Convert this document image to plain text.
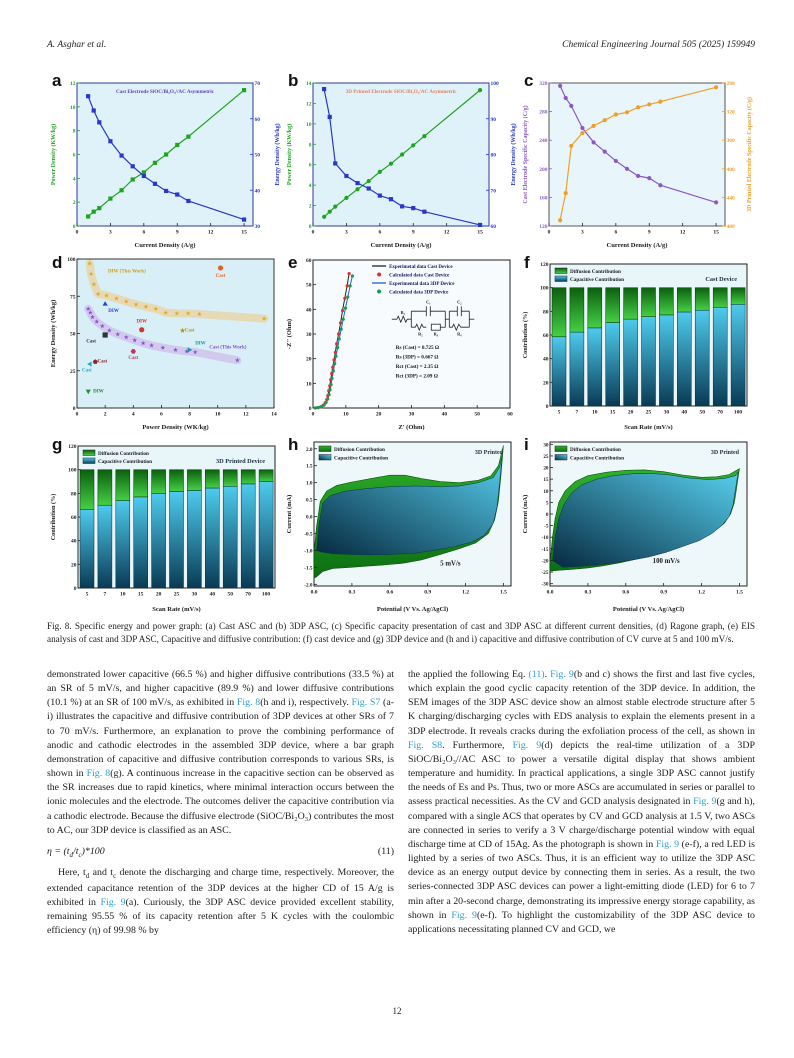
A. Asghar et al.	Chemical Engineering Journal 505 (2025) 159949
a
0	3	6	9	12	15
0
2
4
6
8
10
12
30
40
50
60
70
Power Density (KW/kg)	Energy Density (Wh/kg)
Current Density (A/g)
Cast Electrode SiOC/Bi₂O₃//AC Asymmetric
b
0	3	6	9	12	15
0
2
4
6
8
10
12
14
60
70
80
90
100
Power Density (KW/kg)	Energy Density (Wh/kg)
Current Density (A/g)
3D Printed Electrode SiOC/Bi₂O₃/AC Asymmetric
c
0	3	6	9	12	15
120
160
200
240
280
320	280
320
360
400
440
480
Cast Electrode Specific Capacity (C/g)	3D Printed Electrode Specific Capacity (C/g)
Current Density (A/g)
d
0	2	4	6	8	10	12	14
0
25
50
75
100
Energy Density (Wh/kg)
Power Density (WK/kg)
DIW (This Work)
Cast
DIW
DIW
Cast
Cast
Cast
Cast
Cast
DIW
Cast (This Work)
DIW
e
0
0
10
10
20
20
30
30
40
40
50
50
60
60
-Z'' (Ohm)
Z' (Ohm)
Experimetal data Cast Device
Calculated data Cast Device
Experimental data 3DP Device
Calculated data 3DP Device
Rs (Cast) = 0.725 Ω
Rs (3DP) = 0.667 Ω
Rct (Cast) = 2.35 Ω
Rct (3DP) = 2.09 Ω
R₁
C₁
R₂	R₃
C₂
R₄
f
0
20
40
60
80
100
120
Contribution (%)
Scan Rate (mV/s)
5	7	10 15 20 25 30 40 50 70 100
Diffusion Contribution
Capacitive Contribution	Cast Device
g
0
20
40
60
80
100
120
Contribution (%)
Scan Rate (mV/s)
5	7	10 15 20 25 30 40 50 70 100
Diffusion Contribution
Capacitive Contribution	3D Printed Device
h
0.0	0.3	0.6	0.9	1.2	1.5
-2.0
-1.5
-1.0
-0.5
0.0
0.5
1.0
1.5
2.0
Current (mA)
Potential (V Vs. Ag/AgCl)
Diffusion Contribution
Capacitive Contribution
3D Printed
5 mV/s
i
0.0	0.3	0.6	0.9	1.2	1.5
-30
-25
-20
-15
-10
-5
0
5
10
15
20
25
30
Current (mA)
Potential (V Vs. Ag/AgCl)
Diffusion Contribution
Capacitive Contribution
3D Printed
100 mV/s

Fig. 8. Specific energy and power graph: (a) Cast ASC and (b) 3DP ASC, (c) Specific capacity presentation of cast and 3DP ASC at different current densities, (d) Ragone graph, (e) EIS analysis of cast and 3DP ASC, Capacitive and diffusive contribution: (f) cast device and (g) 3DP device and (h and i) capacitive and diffusive contribution of CV curve at 5 and 100 mV/s.

demonstrated lower capacitive (66.5 %) and higher diffusive contributions (33.5 %) at an SR of 5 mV/s, and higher capacitive (89.9 %) and lower diffusive contributions (10.1 %) at an SR of 100 mV/s, as exhibited in Fig. 8(h and i), respectively. Fig. S7 (a-i) illustrates the capacitive and diffusive contribution of 3DP devices at other SRs of 7 to 70 mV/s. Furthermore, an explanation to prove the combining performance of anodic and cathodic electrodes in the assembled 3DP device, where a bar graph demonstration of capacitive and diffusive contribution corresponds to various SRs, is shown in Fig. 8(g). A continuous increase in the capacitive section can be observed as the SR increases due to rapid kinetics, where minimal interaction occurs between the ionic molecules and the electrode. The outcomes deliver the capacitive contribution via a cathodic electrode. Because the diffusive electrode (SiOC/Bi₂O₃) contributes the most to AC, our 3DP device is classified as an ASC.

$\eta = (t_d/t_c)*100$	(11)

Here, $t_d$ and $t_c$ denote the discharging and charge time, respectively. Moreover, the extended capacitance retention of the 3DP devices at the higher CD of 15 A/g is exhibited in Fig. 9(a). Curiously, the 3DP ASC device provided excellent stability, remaining 95.55 % of its capacity retention after 5 K cycles with the coulombic efficiency (η) of 99.98 % by

the applied the following Eq. (11). Fig. 9(b and c) shows the first and last five cycles, which explain the good cyclic capacity retention of the 3DP device. In addition, the SEM images of the 3DP ASC device show an almost stable electrode structure after 5 K charging/discharging cycles with EDS analysis to explain the elements present in a 3DP electrode. It reveals cracks during the exfoliation process of the cell, as shown in Fig. S8. Furthermore, Fig. 9(d) depicts the real-time utilization of a 3DP SiOC/Bi₂O₃//AC ASC to power a versatile digital display that shows ambient temperature and humidity. In practical applications, a single 3DP ASC cannot justify the needs of Es and Ps. Thus, two or more ASCs are accumulated in series or parallel to assess practical necessities. As the CV and GCD analysis designated in Fig. 9(g and h), compared with a single ACS that operates by CV and GCD analysis at 1.5 V, two ASCs are connected in series to verify a 3 V charge/discharge potential window with equal discharge time at CD of 15Ag. As the photograph is shown in Fig. 9 (e-f), a red LED is lighted by a series of two ASCs. Thus, it is an efficient way to utilize the 3DP ASC device as an energy output device by connecting them in series. As a result, the two series-connected 3DP ASC devices can power a light-emitting diode (LED) for 6 to 7 min after a 20-second charge, demonstrating its impressive energy storage capability, as shown in Fig. 9(e-f). To highlight the customizability of the 3DP ASC device to applications necessitating planned CV and GCD, we

12
